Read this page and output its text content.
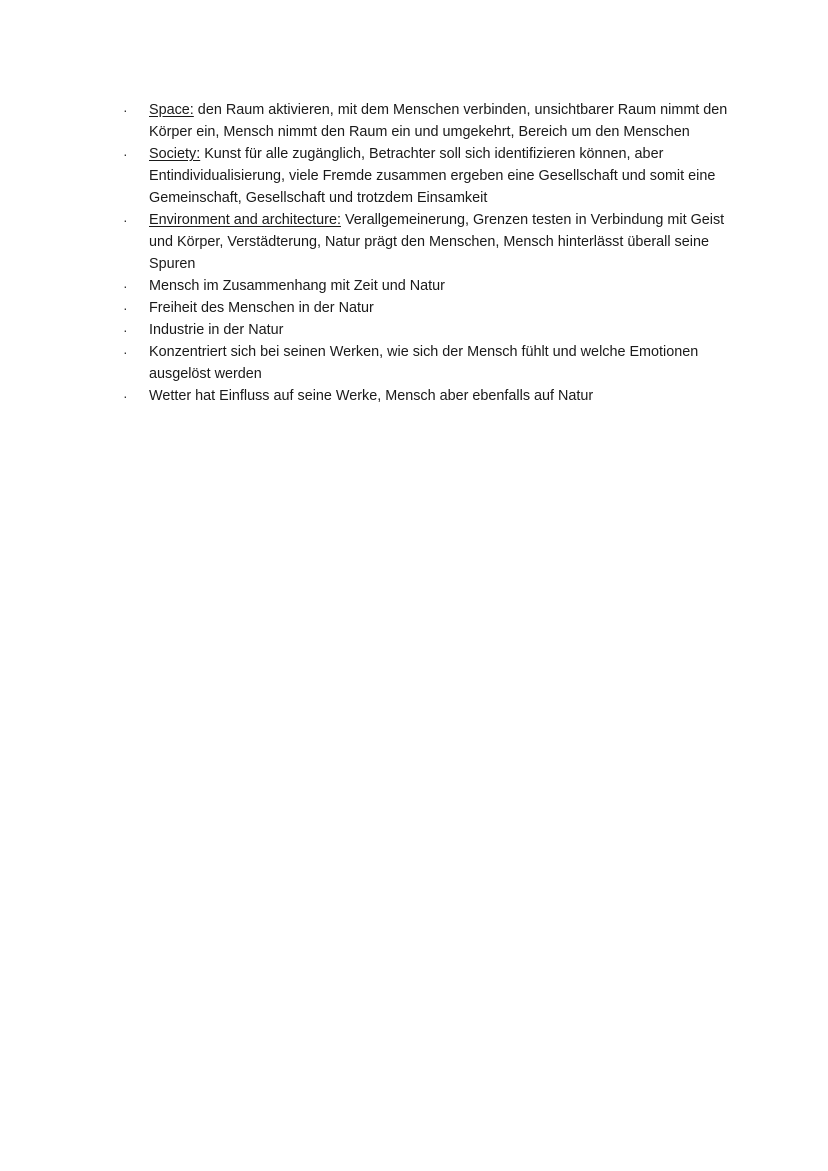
·	Space: den Raum aktivieren, mit dem Menschen verbinden, unsichtbarer Raum nimmt den Körper ein, Mensch nimmt den Raum ein und umgekehrt, Bereich um den Menschen
·	Society: Kunst für alle zugänglich, Betrachter soll sich identifizieren können, aber Entindividualisierung, viele Fremde zusammen ergeben eine Gesellschaft und somit eine Gemeinschaft, Gesellschaft und trotzdem Einsamkeit
·	Environment and architecture: Verallgemeinerung, Grenzen testen in Verbindung mit Geist und Körper, Verstädterung, Natur prägt den Menschen, Mensch hinterlässt überall seine Spuren
·	Mensch im Zusammenhang mit Zeit und Natur
·	Freiheit des Menschen in der Natur
·	Industrie in der Natur
·	Konzentriert sich bei seinen Werken, wie sich der Mensch fühlt und welche Emotionen ausgelöst werden
·	Wetter hat Einfluss auf seine Werke, Mensch aber ebenfalls auf Natur
